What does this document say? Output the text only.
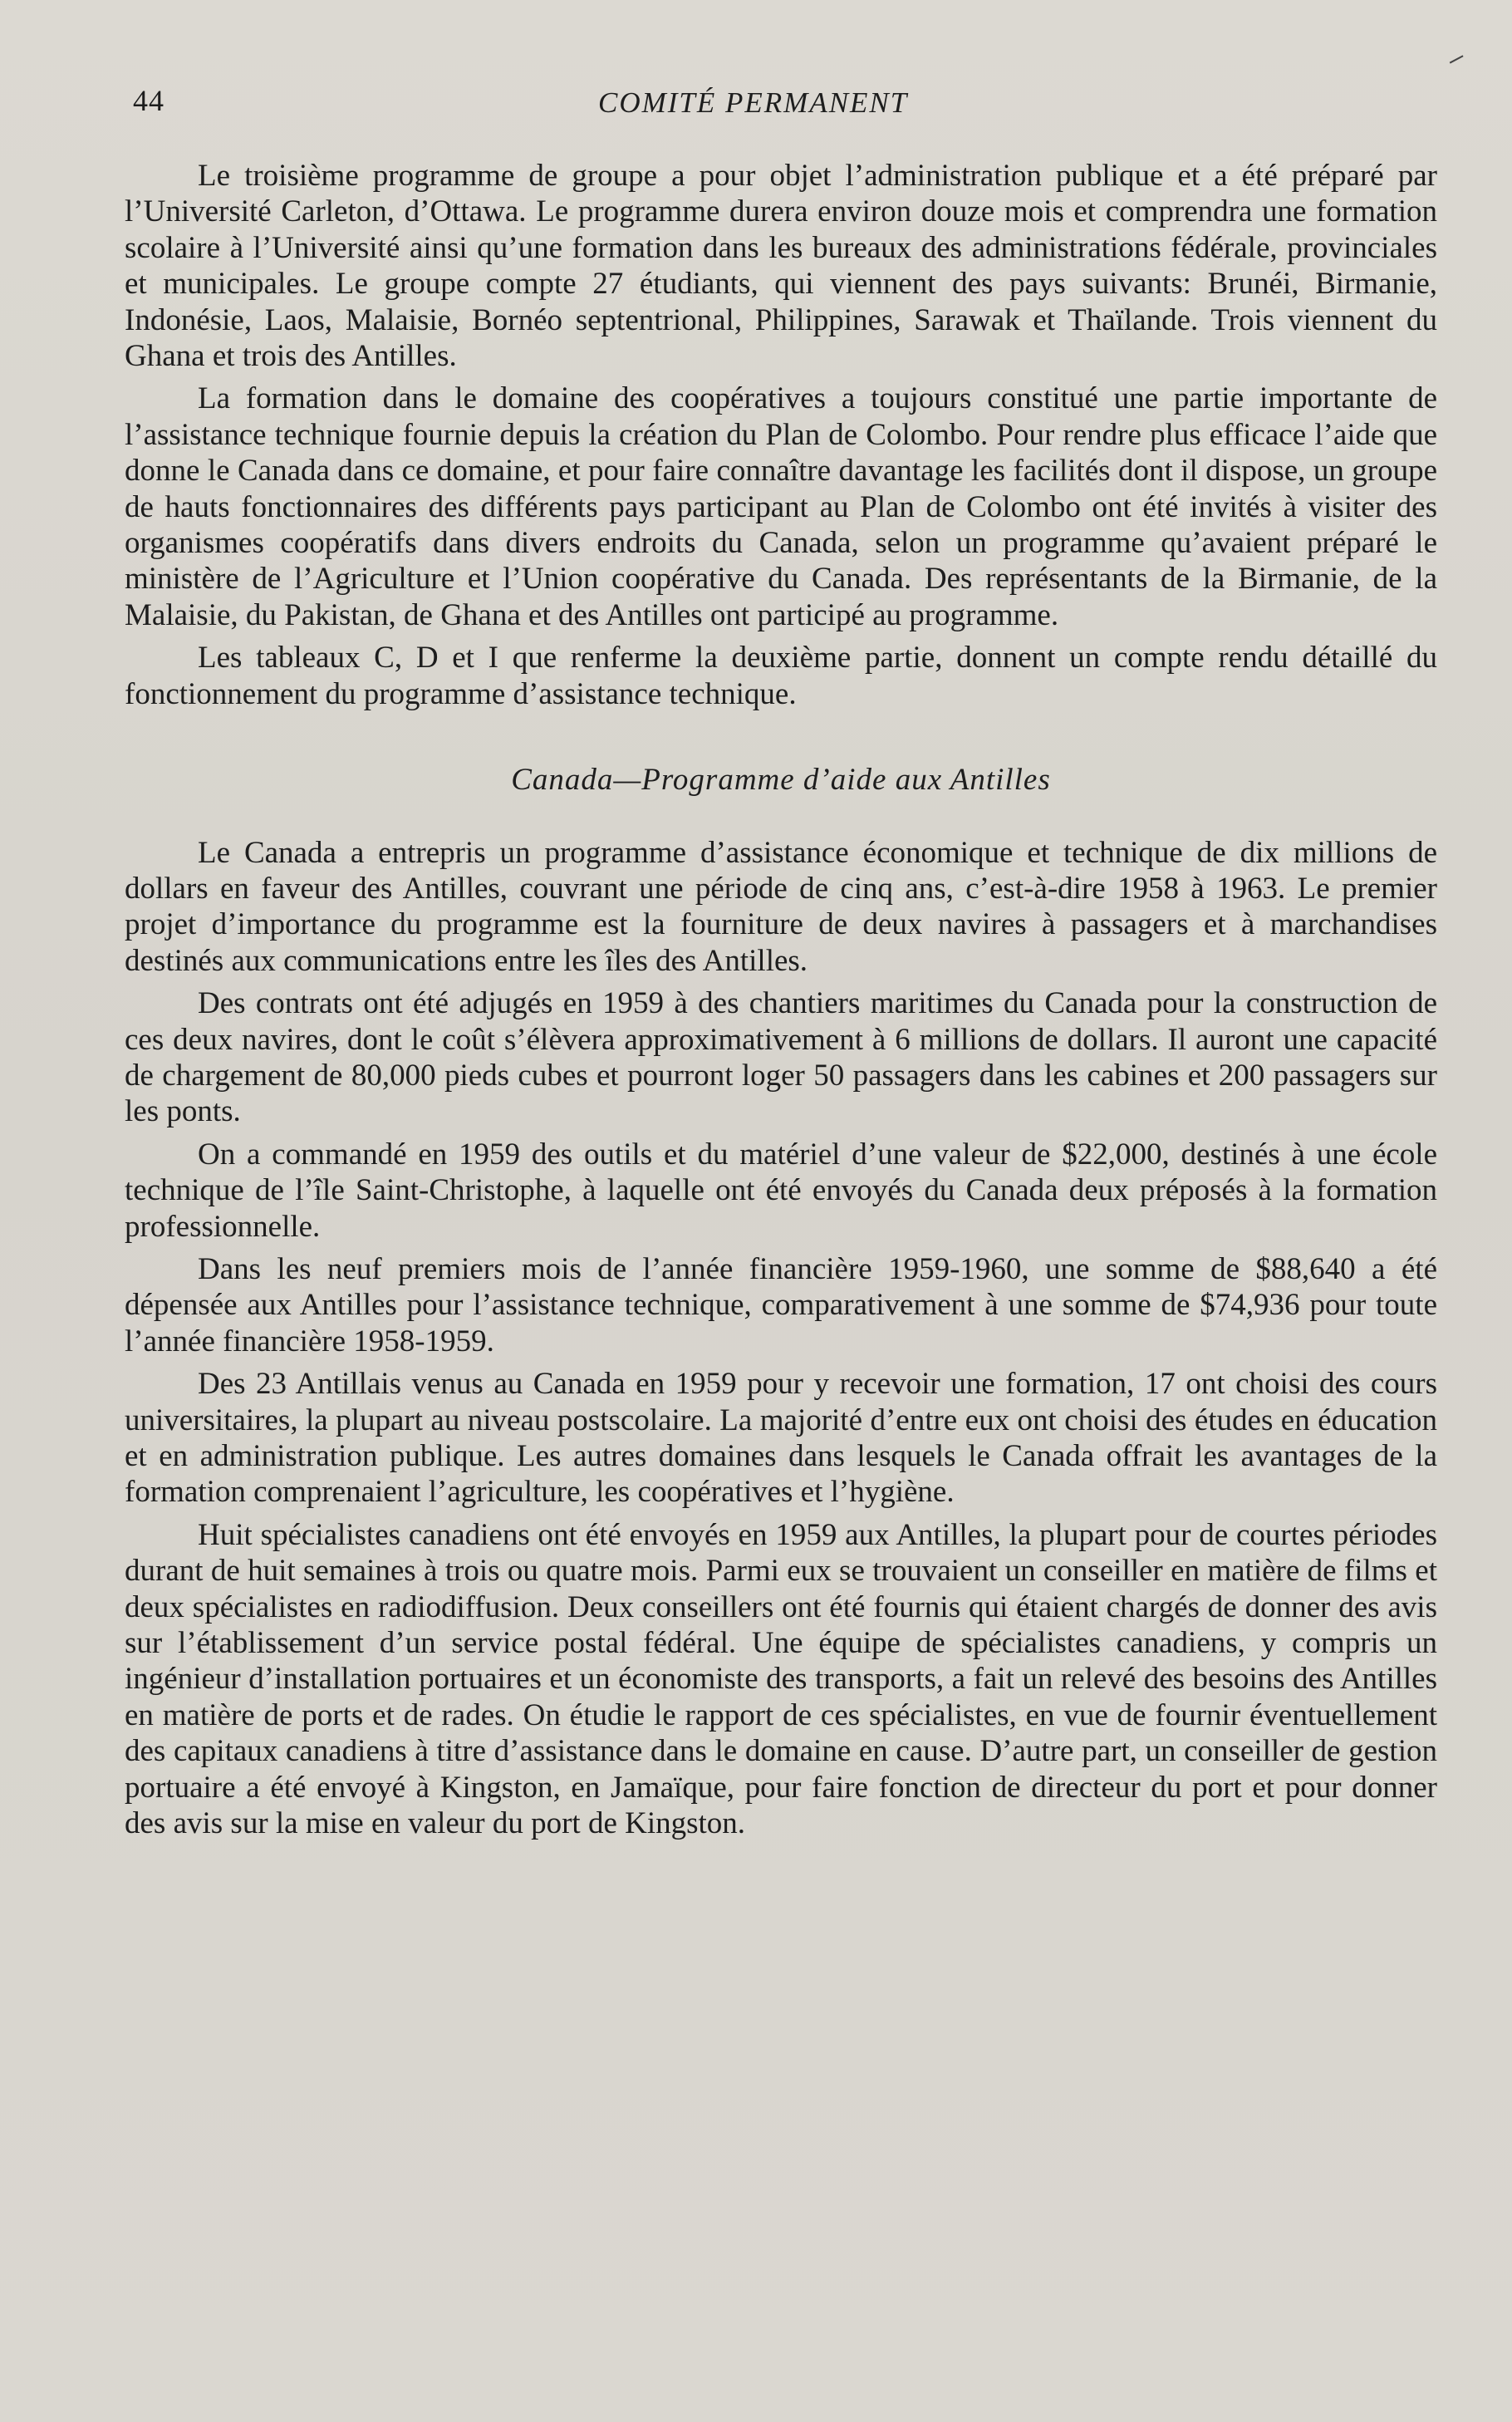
44	COMITÉ PERMANENT

Le troisième programme de groupe a pour objet l’administration publique et a été préparé par l’Université Carleton, d’Ottawa. Le programme durera environ douze mois et comprendra une formation scolaire à l’Université ainsi qu’une formation dans les bureaux des administrations fédérale, provinciales et municipales. Le groupe compte 27 étudiants, qui viennent des pays suivants: Brunéi, Birmanie, Indonésie, Laos, Malaisie, Bornéo septentrional, Philippines, Sarawak et Thaïlande. Trois viennent du Ghana et trois des Antilles.

La formation dans le domaine des coopératives a toujours constitué une partie importante de l’assistance technique fournie depuis la création du Plan de Colombo. Pour rendre plus efficace l’aide que donne le Canada dans ce domaine, et pour faire connaître davantage les facilités dont il dispose, un groupe de hauts fonctionnaires des différents pays participant au Plan de Colombo ont été invités à visiter des organismes coopératifs dans divers endroits du Canada, selon un programme qu’avaient préparé le ministère de l’Agriculture et l’Union coopérative du Canada. Des représentants de la Birmanie, de la Malaisie, du Pakistan, de Ghana et des Antilles ont participé au programme.

Les tableaux C, D et I que renferme la deuxième partie, donnent un compte rendu détaillé du fonctionnement du programme d’assistance technique.

Canada—Programme d’aide aux Antilles

Le Canada a entrepris un programme d’assistance économique et technique de dix millions de dollars en faveur des Antilles, couvrant une période de cinq ans, c’est-à-dire 1958 à 1963. Le premier projet d’importance du programme est la fourniture de deux navires à passagers et à marchandises destinés aux communications entre les îles des Antilles.

Des contrats ont été adjugés en 1959 à des chantiers maritimes du Canada pour la construction de ces deux navires, dont le coût s’élèvera approximativement à 6 millions de dollars. Il auront une capacité de chargement de 80,000 pieds cubes et pourront loger 50 passagers dans les cabines et 200 passagers sur les ponts.

On a commandé en 1959 des outils et du matériel d’une valeur de $22,000, destinés à une école technique de l’île Saint-Christophe, à laquelle ont été envoyés du Canada deux préposés à la formation professionnelle.

Dans les neuf premiers mois de l’année financière 1959-1960, une somme de $88,640 a été dépensée aux Antilles pour l’assistance technique, comparativement à une somme de $74,936 pour toute l’année financière 1958-1959.

Des 23 Antillais venus au Canada en 1959 pour y recevoir une formation, 17 ont choisi des cours universitaires, la plupart au niveau postscolaire. La majorité d’entre eux ont choisi des études en éducation et en administration publique. Les autres domaines dans lesquels le Canada offrait les avantages de la formation comprenaient l’agriculture, les coopératives et l’hygiène.

Huit spécialistes canadiens ont été envoyés en 1959 aux Antilles, la plupart pour de courtes périodes durant de huit semaines à trois ou quatre mois. Parmi eux se trouvaient un conseiller en matière de films et deux spécialistes en radiodiffusion. Deux conseillers ont été fournis qui étaient chargés de donner des avis sur l’établissement d’un service postal fédéral. Une équipe de spécialistes canadiens, y compris un ingénieur d’installation portuaires et un économiste des transports, a fait un relevé des besoins des Antilles en matière de ports et de rades. On étudie le rapport de ces spécialistes, en vue de fournir éventuellement des capitaux canadiens à titre d’assistance dans le domaine en cause. D’autre part, un conseiller de gestion portuaire a été envoyé à Kingston, en Jamaïque, pour faire fonction de directeur du port et pour donner des avis sur la mise en valeur du port de Kingston.
